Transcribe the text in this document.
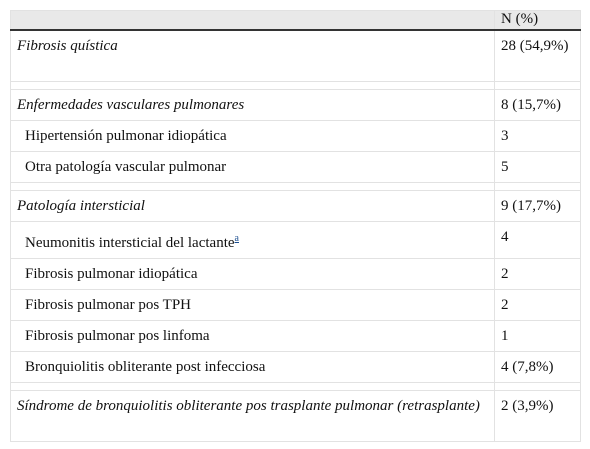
	N (%)
Fibrosis quística	28 (54,9%)

Enfermedades vasculares pulmonares	8 (15,7%)
Hipertensión pulmonar idiopática	3
Otra patología vascular pulmonar	5

Patología intersticial	9 (17,7%)
Neumonitis intersticial del lactante$^a$	4
Fibrosis pulmonar idiopática	2
Fibrosis pulmonar pos TPH	2
Fibrosis pulmonar pos linfoma	1
Bronquiolitis obliterante post infecciosa	4 (7,8%)

Síndrome de bronquiolitis obliterante pos trasplante pulmonar (retrasplante)	2 (3,9%)
